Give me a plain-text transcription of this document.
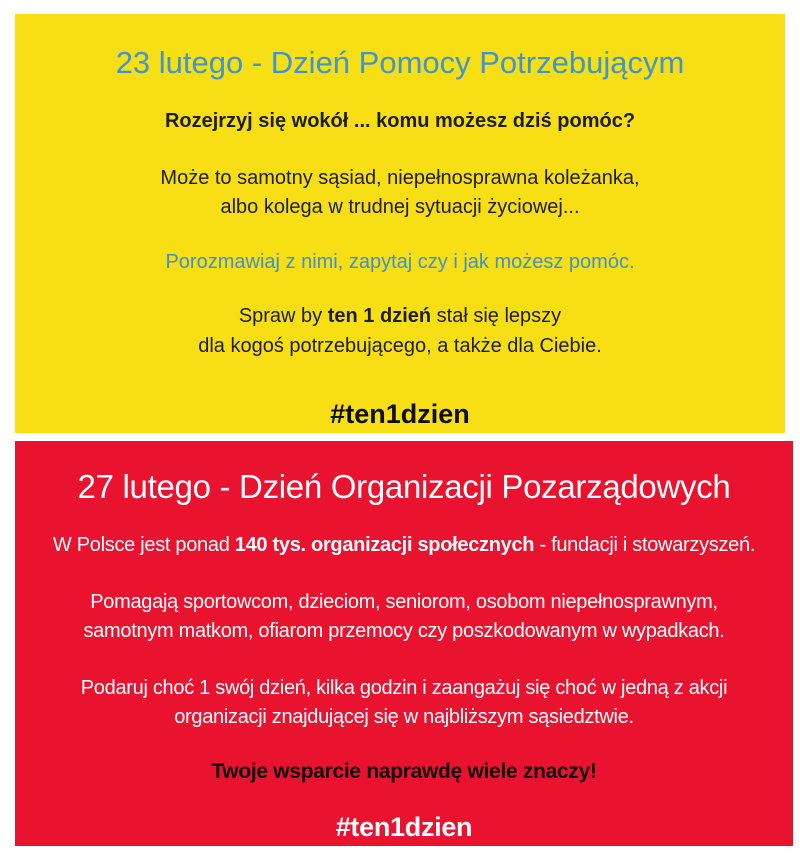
23 lutego - Dzień Pomocy Potrzebującym

Rozejrzyj się wokół ... komu możesz dziś pomóc?

Może to samotny sąsiad, niepełnosprawna koleżanka,
albo kolega w trudnej sytuacji życiowej...

Porozmawiaj z nimi, zapytaj czy i jak możesz pomóc.

Spraw by ten 1 dzień stał się lepszy
dla kogoś potrzebującego, a także dla Ciebie.

#ten1dzien

27 lutego - Dzień Organizacji Pozarządowych

W Polsce jest ponad 140 tys. organizacji społecznych - fundacji i stowarzyszeń.

Pomagają sportowcom, dzieciom, seniorom, osobom niepełnosprawnym,
samotnym matkom, ofiarom przemocy czy poszkodowanym w wypadkach.

Podaruj choć 1 swój dzień, kilka godzin i zaangażuj się choć w jedną z akcji
organizacji znajdującej się w najbliższym sąsiedztwie.

Twoje wsparcie naprawdę wiele znaczy!

#ten1dzien
